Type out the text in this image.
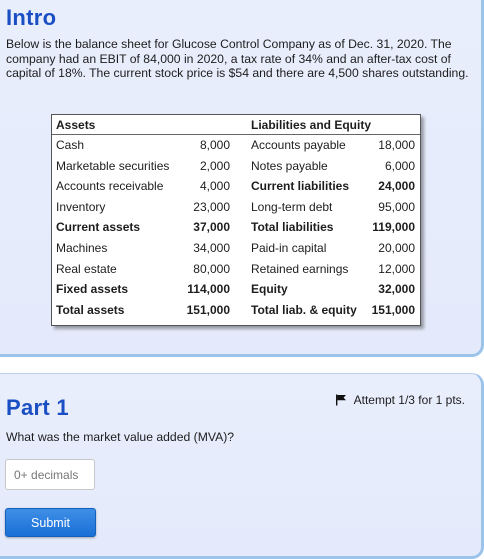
Intro
Below is the balance sheet for Glucose Control Company as of Dec. 31, 2020. The company had an EBIT of 84,000 in 2020, a tax rate of 34% and an after-tax cost of capital of 18%. The current stock price is $54 and there are 4,500 shares outstanding.
Assets	Liabilities and Equity
Cash	8,000 Accounts payable	18,000
Marketable securities	2,000 Notes payable	6,000
Accounts receivable	4,000 Current liabilities 24,000
Inventory	23,000 Long-term debt	95,000
Current assets	37,000 Total liabilities	119,000
Machines	34,000 Paid-in capital	20,000
Real estate	80,000 Retained earnings 12,000
Fixed assets	114,000 Equity	32,000
Total assets	151,000 Total liab. & equity 151,000
Part 1	Attempt 1/3 for 1 pts.
What was the market value added (MVA)?
0+ decimals
Submit
